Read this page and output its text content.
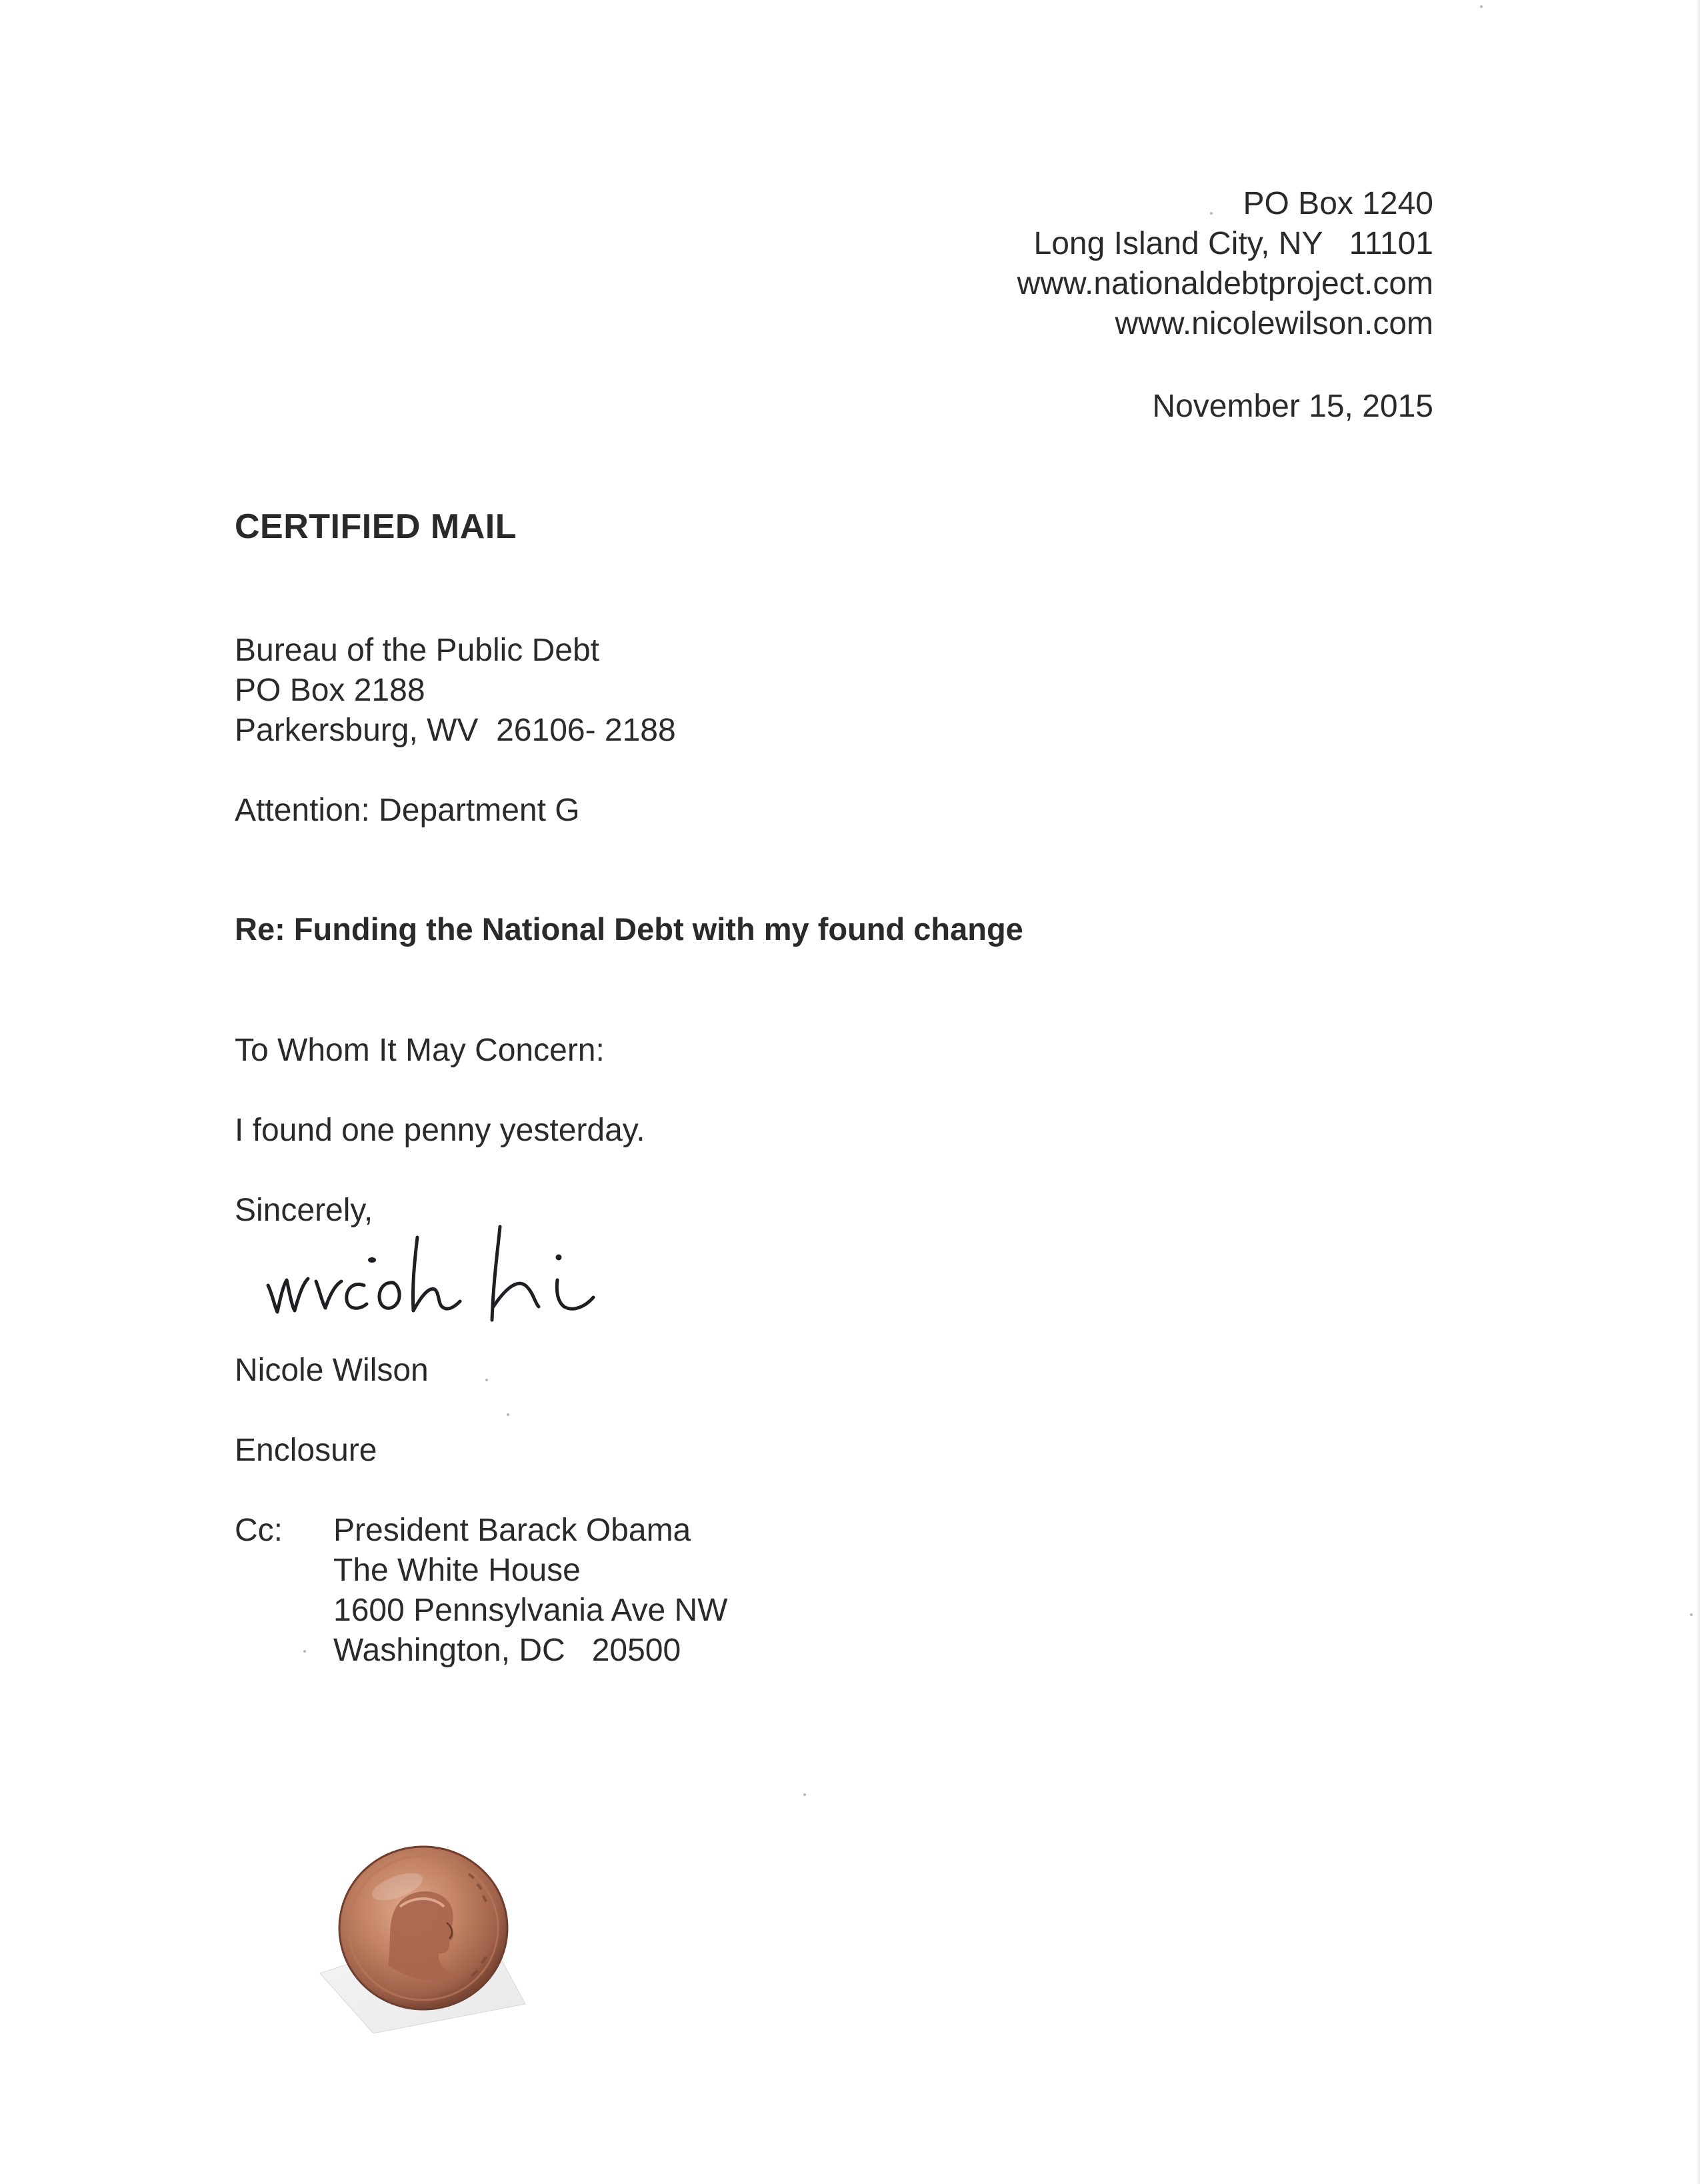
PO Box 1240
Long Island City, NY   11101
www.nationaldebtproject.com
www.nicolewilson.com
November 15, 2015
CERTIFIED MAIL
Bureau of the Public Debt
PO Box 2188
Parkersburg, WV  26106- 2188

Attention: Department G

Re: Funding the National Debt with my found change

To Whom It May Concern:

I found one penny yesterday.

Sincerely,

Nicole Wilson

Enclosure

Cc: President Barack Obama
The White House
1600 Pennsylvania Ave NW
Washington, DC   20500
